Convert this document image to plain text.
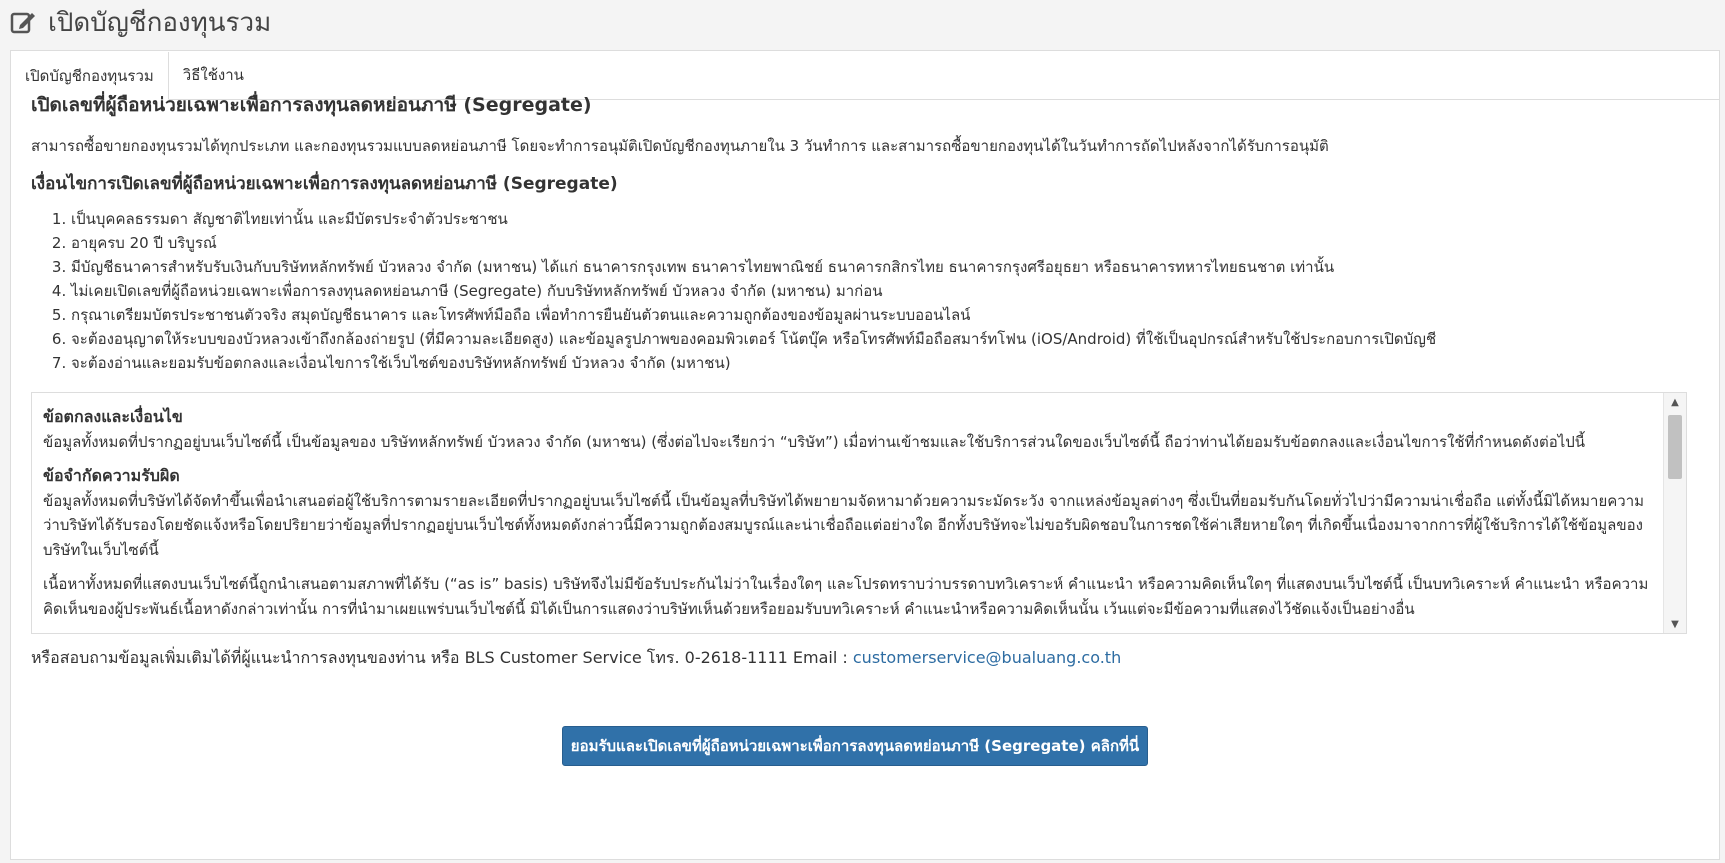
เปิดบัญชีกองทุนรวม
เปิดบัญชีกองทุนรวม	วิธีใช้งาน
เปิดเลขที่ผู้ถือหน่วยเฉพาะเพื่อการลงทุนลดหย่อนภาษี (Segregate)

สามารถซื้อขายกองทุนรวมได้ทุกประเภท และกองทุนรวมแบบลดหย่อนภาษี โดยจะทำการอนุมัติเปิดบัญชีกองทุนภายใน 3 วันทำการ และสามารถซื้อขายกองทุนได้ในวันทำการถัดไปหลังจากได้รับการอนุมัติ

เงื่อนไขการเปิดเลขที่ผู้ถือหน่วยเฉพาะเพื่อการลงทุนลดหย่อนภาษี (Segregate)
1. เป็นบุคคลธรรมดา สัญชาติไทยเท่านั้น และมีบัตรประจำตัวประชาชน
2. อายุครบ 20 ปี บริบูรณ์
3. มีบัญชีธนาคารสำหรับรับเงินกับบริษัทหลักทรัพย์ บัวหลวง จำกัด (มหาชน) ได้แก่ ธนาคารกรุงเทพ ธนาคารไทยพาณิชย์ ธนาคารกสิกรไทย ธนาคารกรุงศรีอยุธยา หรือธนาคารทหารไทยธนชาต เท่านั้น
4. ไม่เคยเปิดเลขที่ผู้ถือหน่วยเฉพาะเพื่อการลงทุนลดหย่อนภาษี (Segregate) กับบริษัทหลักทรัพย์ บัวหลวง จำกัด (มหาชน) มาก่อน
5. กรุณาเตรียมบัตรประชาชนตัวจริง สมุดบัญชีธนาคาร และโทรศัพท์มือถือ เพื่อทำการยืนยันตัวตนและความถูกต้องของข้อมูลผ่านระบบออนไลน์
6. จะต้องอนุญาตให้ระบบของบัวหลวงเข้าถึงกล้องถ่ายรูป (ที่มีความละเอียดสูง) และข้อมูลรูปภาพของคอมพิวเตอร์ โน้ตบุ๊ค หรือโทรศัพท์มือถือสมาร์ทโฟน (iOS/Android) ที่ใช้เป็นอุปกรณ์สำหรับใช้ประกอบการเปิดบัญชี
7. จะต้องอ่านและยอมรับข้อตกลงและเงื่อนไขการใช้เว็บไซต์ของบริษัทหลักทรัพย์ บัวหลวง จำกัด (มหาชน)

ข้อตกลงและเงื่อนไข
ข้อมูลทั้งหมดที่ปรากฏอยู่บนเว็บไซต์นี้ เป็นข้อมูลของ บริษัทหลักทรัพย์ บัวหลวง จำกัด (มหาชน) (ซึ่งต่อไปจะเรียกว่า “บริษัท”) เมื่อท่านเข้าชมและใช้บริการส่วนใดของเว็บไซต์นี้ ถือว่าท่านได้ยอมรับข้อตกลงและเงื่อนไขการใช้ที่กำหนดดังต่อไปนี้

ข้อจำกัดความรับผิด
ข้อมูลทั้งหมดที่บริษัทได้จัดทำขึ้นเพื่อนำเสนอต่อผู้ใช้บริการตามรายละเอียดที่ปรากฏอยู่บนเว็บไซต์นี้ เป็นข้อมูลที่บริษัทได้พยายามจัดหามาด้วยความระมัดระวัง จากแหล่งข้อมูลต่างๆ ซึ่งเป็นที่ยอมรับกันโดยทั่วไปว่ามีความน่าเชื่อถือ แต่ทั้งนี้มิได้หมายความว่าบริษัทได้รับรองโดยชัดแจ้งหรือโดยปริยายว่าข้อมูลที่ปรากฏอยู่บนเว็บไซต์ทั้งหมดดังกล่าวนี้มีความถูกต้องสมบูรณ์และน่าเชื่อถือแต่อย่างใด อีกทั้งบริษัทจะไม่ขอรับผิดชอบในการชดใช้ค่าเสียหายใดๆ ที่เกิดขึ้นเนื่องมาจากการที่ผู้ใช้บริการได้ใช้ข้อมูลของบริษัทในเว็บไซต์นี้

เนื้อหาทั้งหมดที่แสดงบนเว็บไซต์นี้ถูกนำเสนอตามสภาพที่ได้รับ (“as is” basis) บริษัทจึงไม่มีข้อรับประกันไม่ว่าในเรื่องใดๆ และโปรดทราบว่าบรรดาบทวิเคราะห์ คำแนะนำ หรือความคิดเห็นใดๆ ที่แสดงบนเว็บไซต์นี้ เป็นบทวิเคราะห์ คำแนะนำ หรือความคิดเห็นของผู้ประพันธ์เนื้อหาดังกล่าวเท่านั้น การที่นำมาเผยแพร่บนเว็บไซต์นี้ มิได้เป็นการแสดงว่าบริษัทเห็นด้วยหรือยอมรับบทวิเคราะห์ คำแนะนำหรือความคิดเห็นนั้น เว้นแต่จะมีข้อความที่แสดงไว้ชัดแจ้งเป็นอย่างอื่น

▲
▼
หรือสอบถามข้อมูลเพิ่มเติมได้ที่ผู้แนะนำการลงทุนของท่าน หรือ BLS Customer Service โทร. 0-2618-1111 Email : customerservice@bualuang.co.th
ยอมรับและเปิดเลขที่ผู้ถือหน่วยเฉพาะเพื่อการลงทุนลดหย่อนภาษี (Segregate) คลิกที่นี่
